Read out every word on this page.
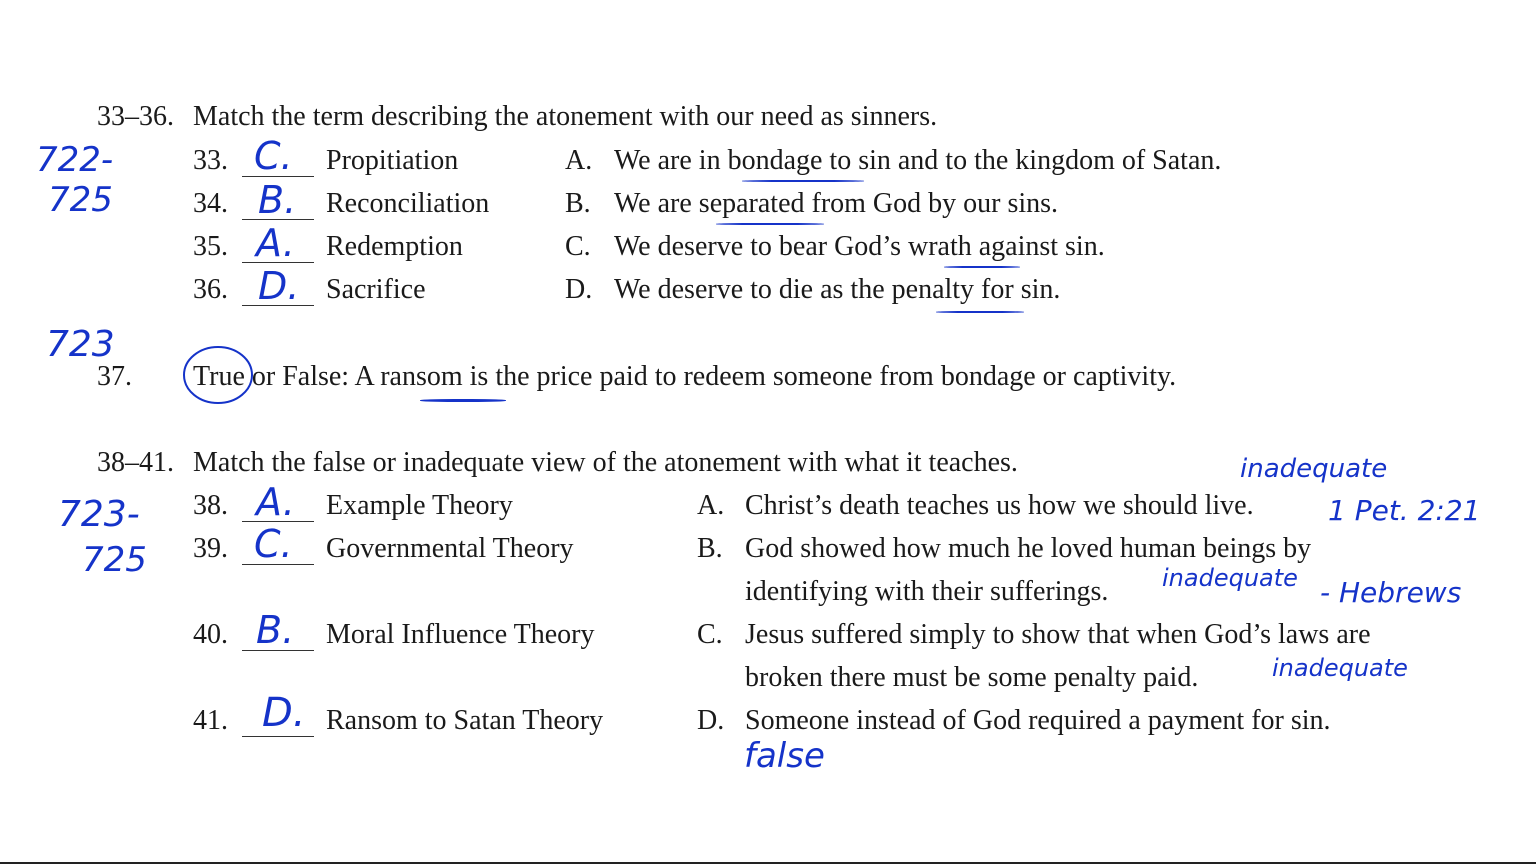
33–36. Match the term describing the atonement with our need as sinners.
33. C. Propitiation
34. B. Reconciliation
35. A. Redemption
36. D. Sacrifice
A. We are in bondage to sin and to the kingdom of Satan.
B. We are separated from God by our sins.
C. We deserve to bear God’s wrath against sin.
D. We deserve to die as the penalty for sin.
722-
725
723
37. True or False: A ransom is the price paid to redeem someone from bondage or captivity.
38–41. Match the false or inadequate view of the atonement with what it teaches.
38. A. Example Theory
39. C. Governmental Theory
40. B. Moral Influence Theory
41. D. Ransom to Satan Theory
A. Christ’s death teaches us how we should live.
B. God showed how much he loved human beings by
identifying with their sufferings.
C. Jesus suffered simply to show that when God’s laws are
broken there must be some penalty paid.
D. Someone instead of God required a payment for sin.
723-
725
inadequate
1 Pet. 2:21
inadequate - Hebrews
inadequate
false
